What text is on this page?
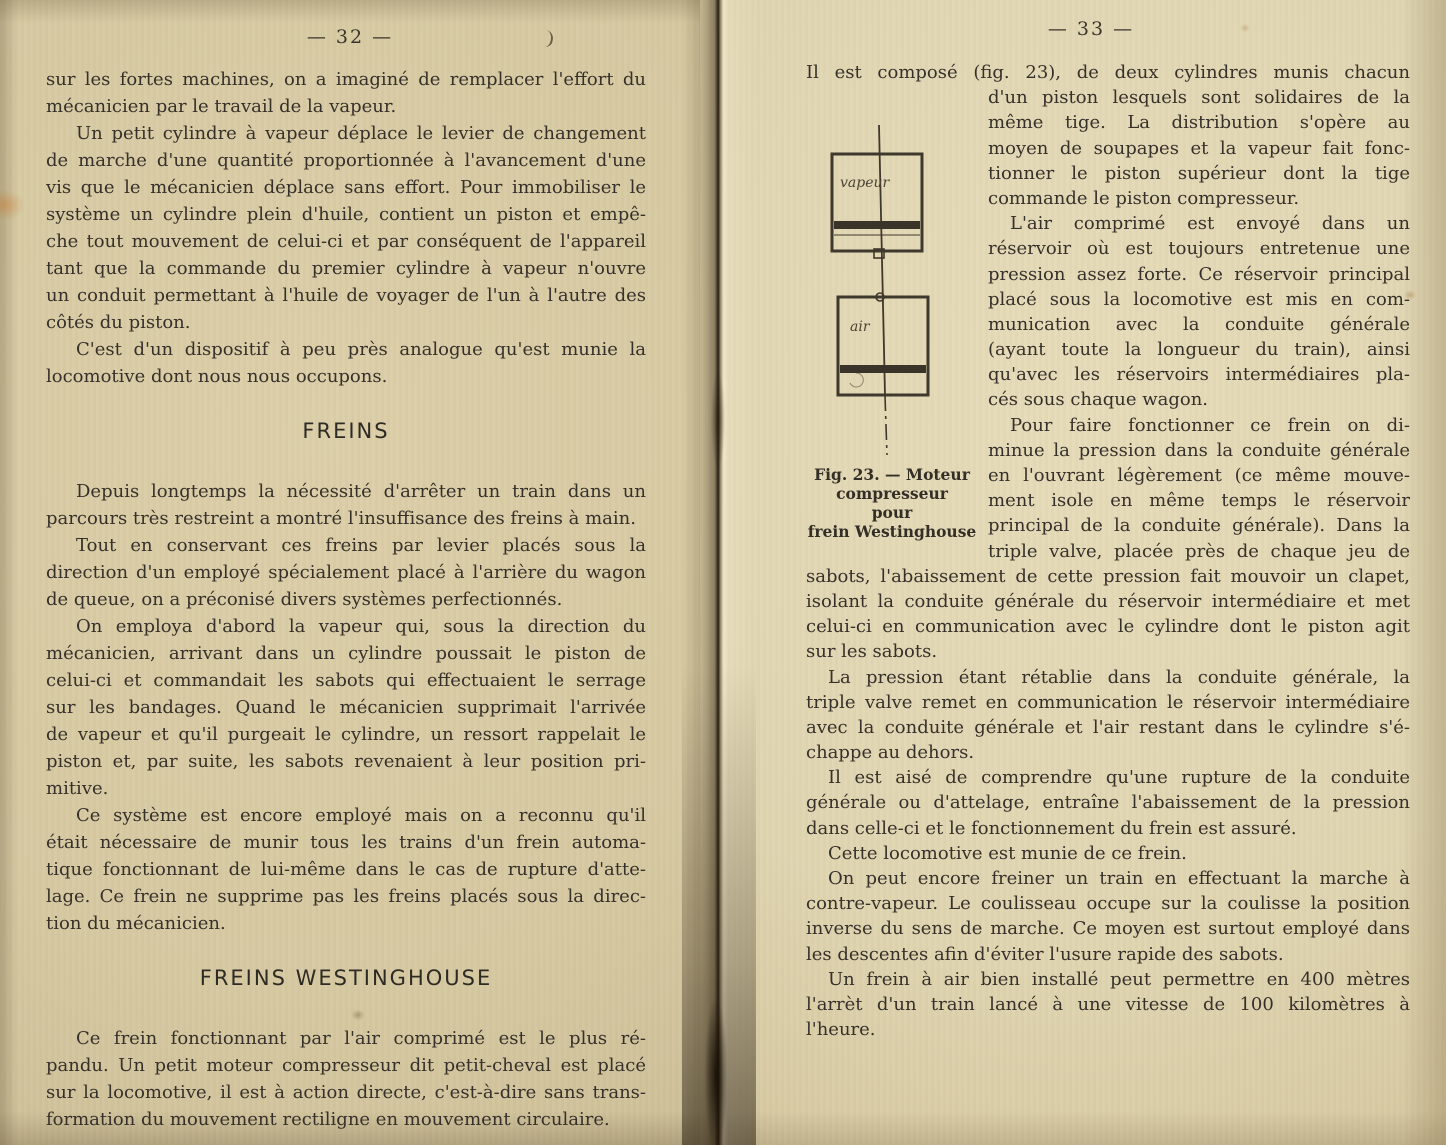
— 32 —
sur les fortes machines, on a imaginé de remplacer l'effort du
mécanicien par le travail de la vapeur.
Un petit cylindre à vapeur déplace le levier de changement
de marche d'une quantité proportionnée à l'avancement d'une
vis que le mécanicien déplace sans effort. Pour immobiliser le
système un cylindre plein d'huile, contient un piston et empê-
che tout mouvement de celui-ci et par conséquent de l'appareil
tant que la commande du premier cylindre à vapeur n'ouvre
un conduit permettant à l'huile de voyager de l'un à l'autre des
côtés du piston.
C'est d'un dispositif à peu près analogue qu'est munie la
locomotive dont nous nous occupons.
FREINS
Depuis longtemps la nécessité d'arrêter un train dans un
parcours très restreint a montré l'insuffisance des freins à main.
Tout en conservant ces freins par levier placés sous la
direction d'un employé spécialement placé à l'arrière du wagon
de queue, on a préconisé divers systèmes perfectionnés.
On employa d'abord la vapeur qui, sous la direction du
mécanicien, arrivant dans un cylindre poussait le piston de
celui-ci et commandait les sabots qui effectuaient le serrage
sur les bandages. Quand le mécanicien supprimait l'arrivée
de vapeur et qu'il purgeait le cylindre, un ressort rappelait le
piston et, par suite, les sabots revenaient à leur position pri-
mitive.
Ce système est encore employé mais on a reconnu qu'il
était nécessaire de munir tous les trains d'un frein automa-
tique fonctionnant de lui-même dans le cas de rupture d'atte-
lage. Ce frein ne supprime pas les freins placés sous la direc-
tion du mécanicien.
FREINS WESTINGHOUSE
Ce frein fonctionnant par l'air comprimé est le plus ré-
pandu. Un petit moteur compresseur dit petit-cheval est placé
sur la locomotive, il est à action directe, c'est-à-dire sans trans-
formation du mouvement rectiligne en mouvement circulaire.
— 33 —
Il est composé (fig. 23), de deux cylindres munis chacun
vapeur
air
Fig. 23. — Moteur
compresseur
pour
frein Westinghouse
d'un piston lesquels sont solidaires de la
même tige. La distribution s'opère au
moyen de soupapes et la vapeur fait fonc-
tionner le piston supérieur dont la tige
commande le piston compresseur.
L'air comprimé est envoyé dans un
réservoir où est toujours entretenue une
pression assez forte. Ce réservoir principal
placé sous la locomotive est mis en com-
munication avec la conduite générale
(ayant toute la longueur du train), ainsi
qu'avec les réservoirs intermédiaires pla-
cés sous chaque wagon.
Pour faire fonctionner ce frein on di-
minue la pression dans la conduite générale
en l'ouvrant légèrement (ce même mouve-
ment isole en même temps le réservoir
principal de la conduite générale). Dans la
triple valve, placée près de chaque jeu de
sabots, l'abaissement de cette pression fait mouvoir un clapet,
isolant la conduite générale du réservoir intermédiaire et met
celui-ci en communication avec le cylindre dont le piston agit
sur les sabots.
La pression étant rétablie dans la conduite générale, la
triple valve remet en communication le réservoir intermédiaire
avec la conduite générale et l'air restant dans le cylindre s'é-
chappe au dehors.
Il est aisé de comprendre qu'une rupture de la conduite
générale ou d'attelage, entraîne l'abaissement de la pression
dans celle-ci et le fonctionnement du frein est assuré.
Cette locomotive est munie de ce frein.
On peut encore freiner un train en effectuant la marche à
contre-vapeur. Le coulisseau occupe sur la coulisse la position
inverse du sens de marche. Ce moyen est surtout employé dans
les descentes afin d'éviter l'usure rapide des sabots.
Un frein à air bien installé peut permettre en 400 mètres
l'arrèt d'un train lancé à une vitesse de 100 kilomètres à
l'heure.
